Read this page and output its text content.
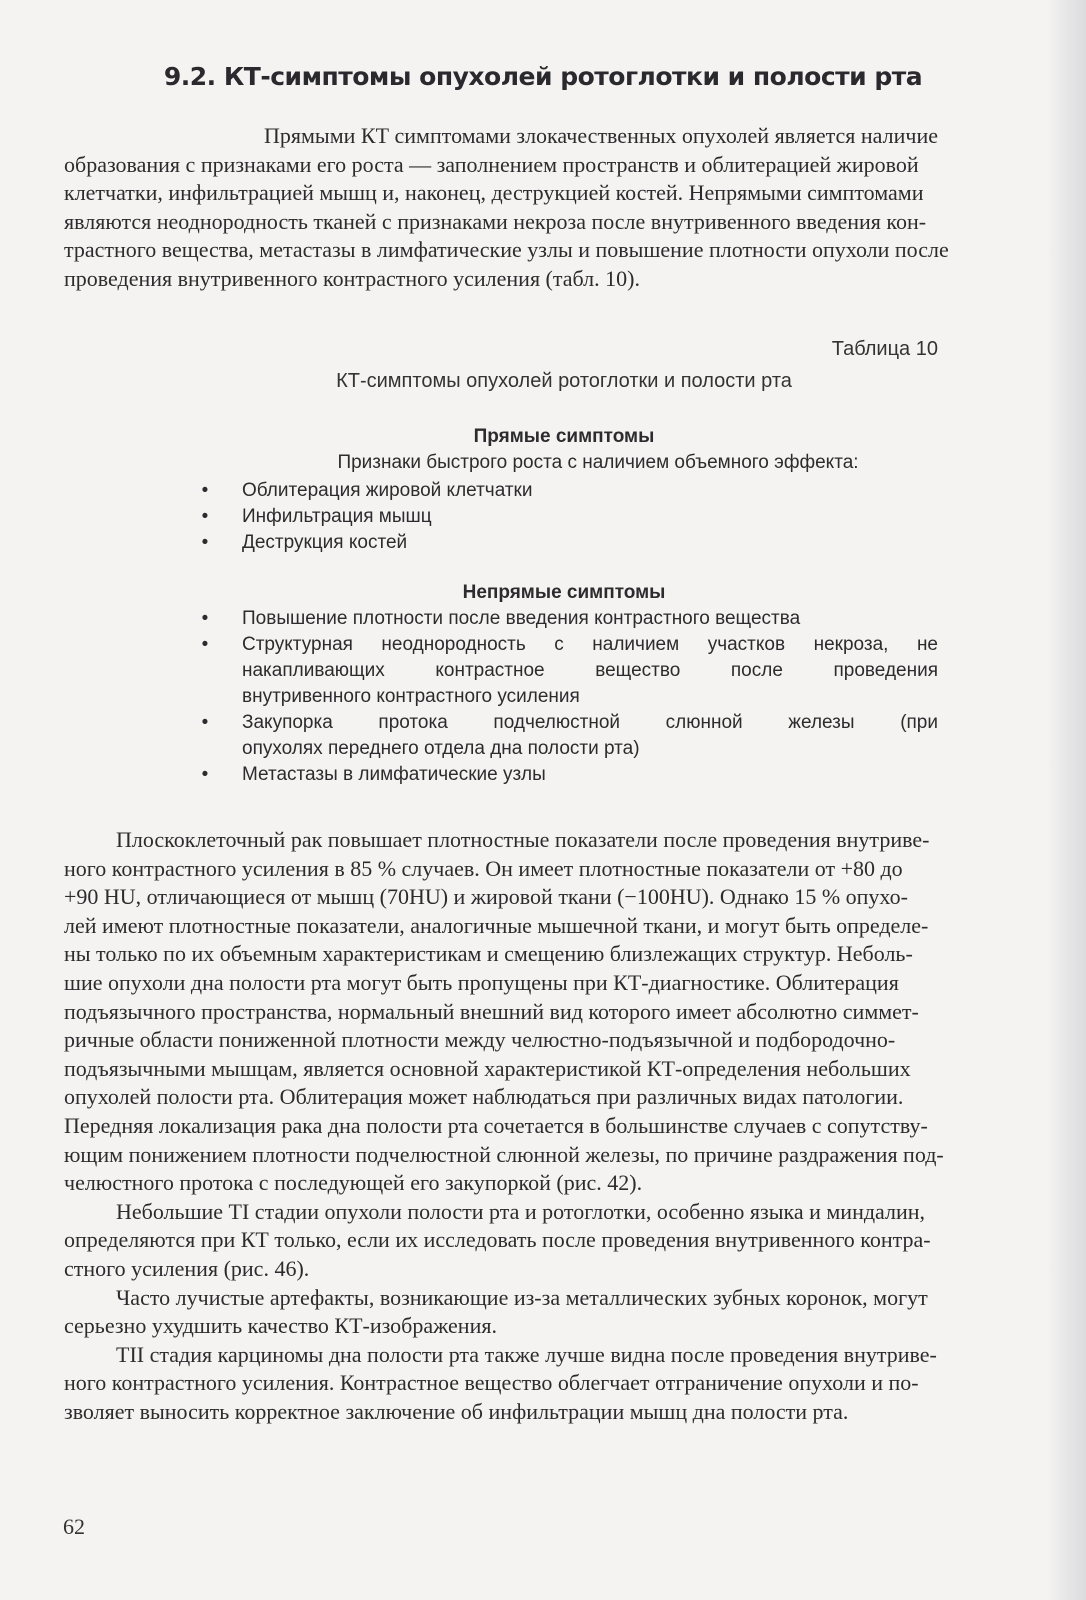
9.2. КТ-симптомы опухолей ротоглотки и полости рта
Прямыми КТ симптомами злокачественных опухолей является наличие
образования с признаками его роста — заполнением пространств и облитерацией жировой
клетчатки, инфильтрацией мышц и, наконец, деструкцией костей. Непрямыми симптомами
являются неоднородность тканей с признаками некроза после внутривенного введения кон-
трастного вещества, метастазы в лимфатические узлы и повышение плотности опухоли после
проведения внутривенного контрастного усиления (табл. 10).
Таблица 10
КТ-симптомы опухолей ротоглотки и полости рта
Прямые симптомы
Признаки быстрого роста с наличием объемного эффекта:
• Облитерация жировой клетчатки
• Инфильтрация мышц
• Деструкция костей
Непрямые симптомы
• Повышение плотности после введения контрастного вещества
• Структурная неоднородность с наличием участков некроза, не
накапливающих контрастное вещество после проведения
внутривенного контрастного усиления
• Закупорка протока подчелюстной слюнной железы (при
опухолях переднего отдела дна полости рта)
• Метастазы в лимфатические узлы
Плоскоклеточный рак повышает плотностные показатели после проведения внутриве-
ного контрастного усиления в 85 % случаев. Он имеет плотностные показатели от +80 до
+90 HU, отличающиеся от мышц (70HU) и жировой ткани (−100HU). Однако 15 % опухо-
лей имеют плотностные показатели, аналогичные мышечной ткани, и могут быть определе-
ны только по их объемным характеристикам и смещению близлежащих структур. Неболь-
шие опухоли дна полости рта могут быть пропущены при КТ-диагностике. Облитерация
подъязычного пространства, нормальный внешний вид которого имеет абсолютно симмет-
ричные области пониженной плотности между челюстно-подъязычной и подбородочно-
подъязычными мышцам, является основной характеристикой КТ-определения небольших
опухолей полости рта. Облитерация может наблюдаться при различных видах патологии.
Передняя локализация рака дна полости рта сочетается в большинстве случаев с сопутству-
ющим понижением плотности подчелюстной слюнной железы, по причине раздражения под-
челюстного протока с последующей его закупоркой (рис. 42).
Небольшие TI стадии опухоли полости рта и ротоглотки, особенно языка и миндалин,
определяются при КТ только, если их исследовать после проведения внутривенного контра-
стного усиления (рис. 46).
Часто лучистые артефакты, возникающие из-за металлических зубных коронок, могут
серьезно ухудшить качество КТ-изображения.
TII стадия карциномы дна полости рта также лучше видна после проведения внутриве-
ного контрастного усиления. Контрастное вещество облегчает отграничение опухоли и по-
зволяет выносить корректное заключение об инфильтрации мышц дна полости рта.
62
